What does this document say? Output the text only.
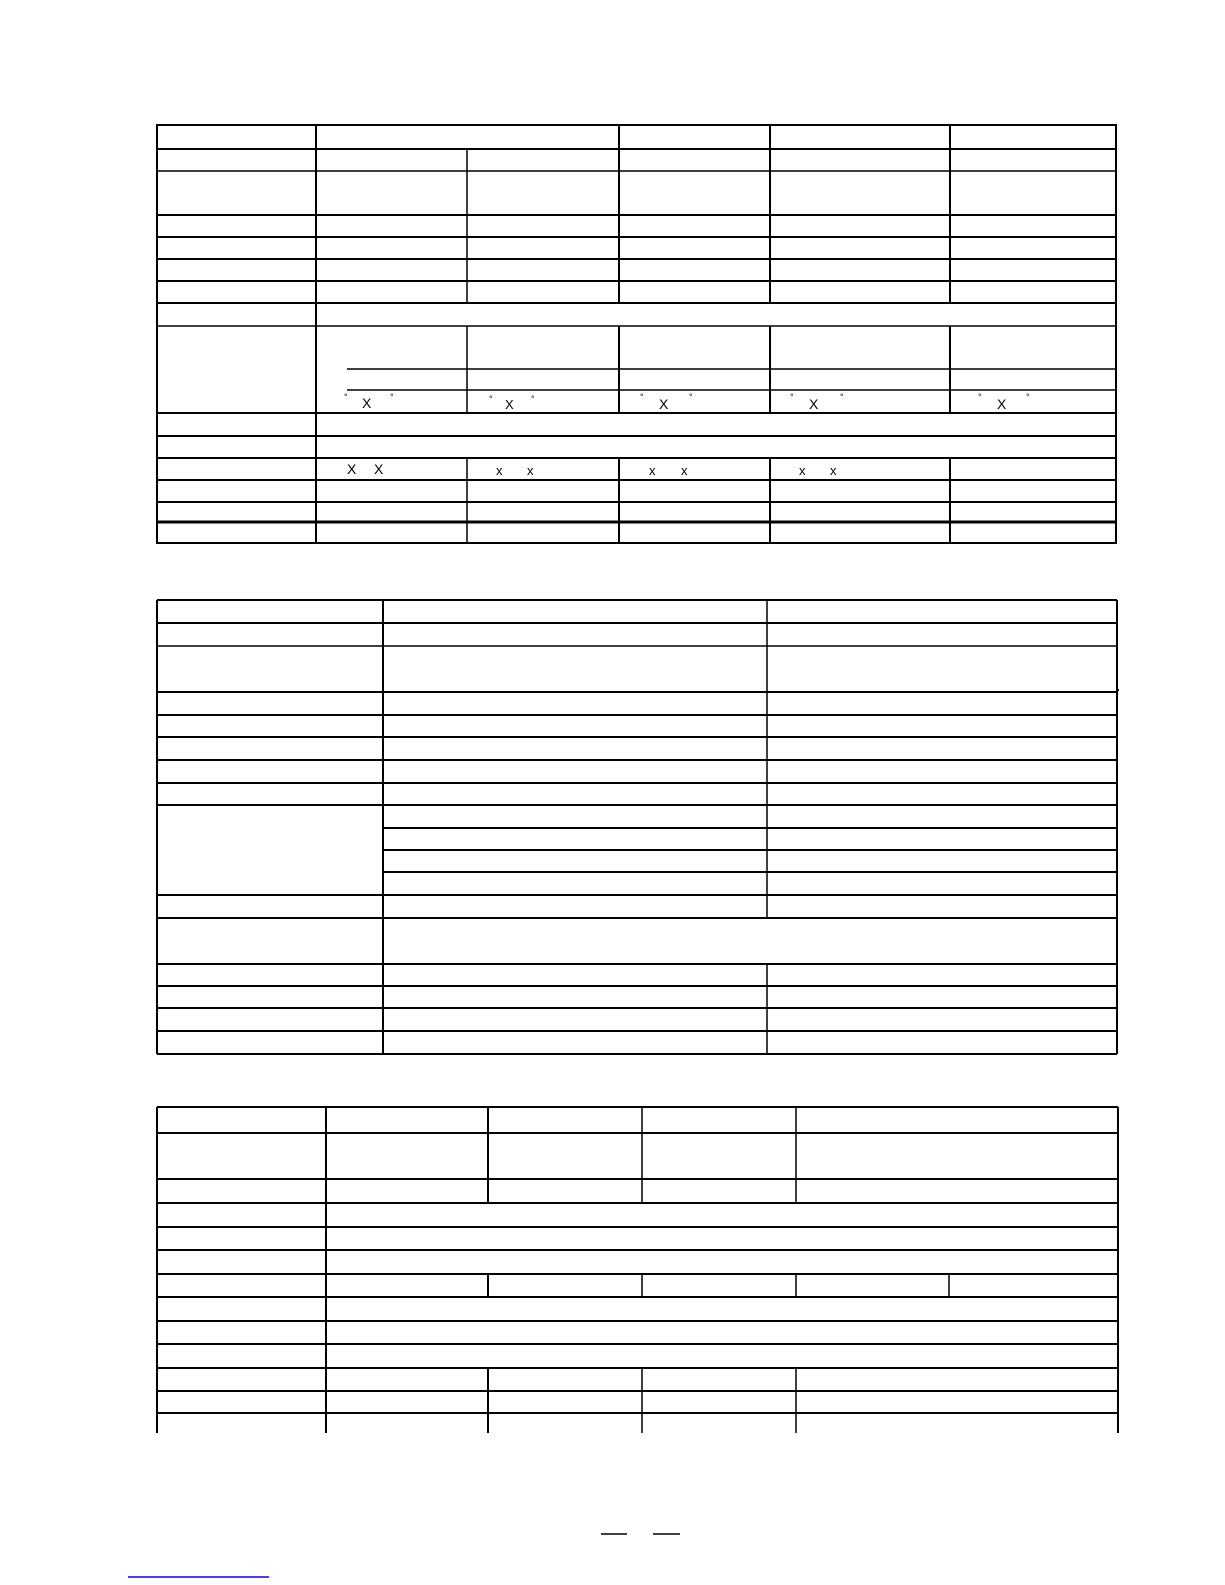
° X °	° X °	° X °	° X °	° X °
X X	x x	x x	x x
